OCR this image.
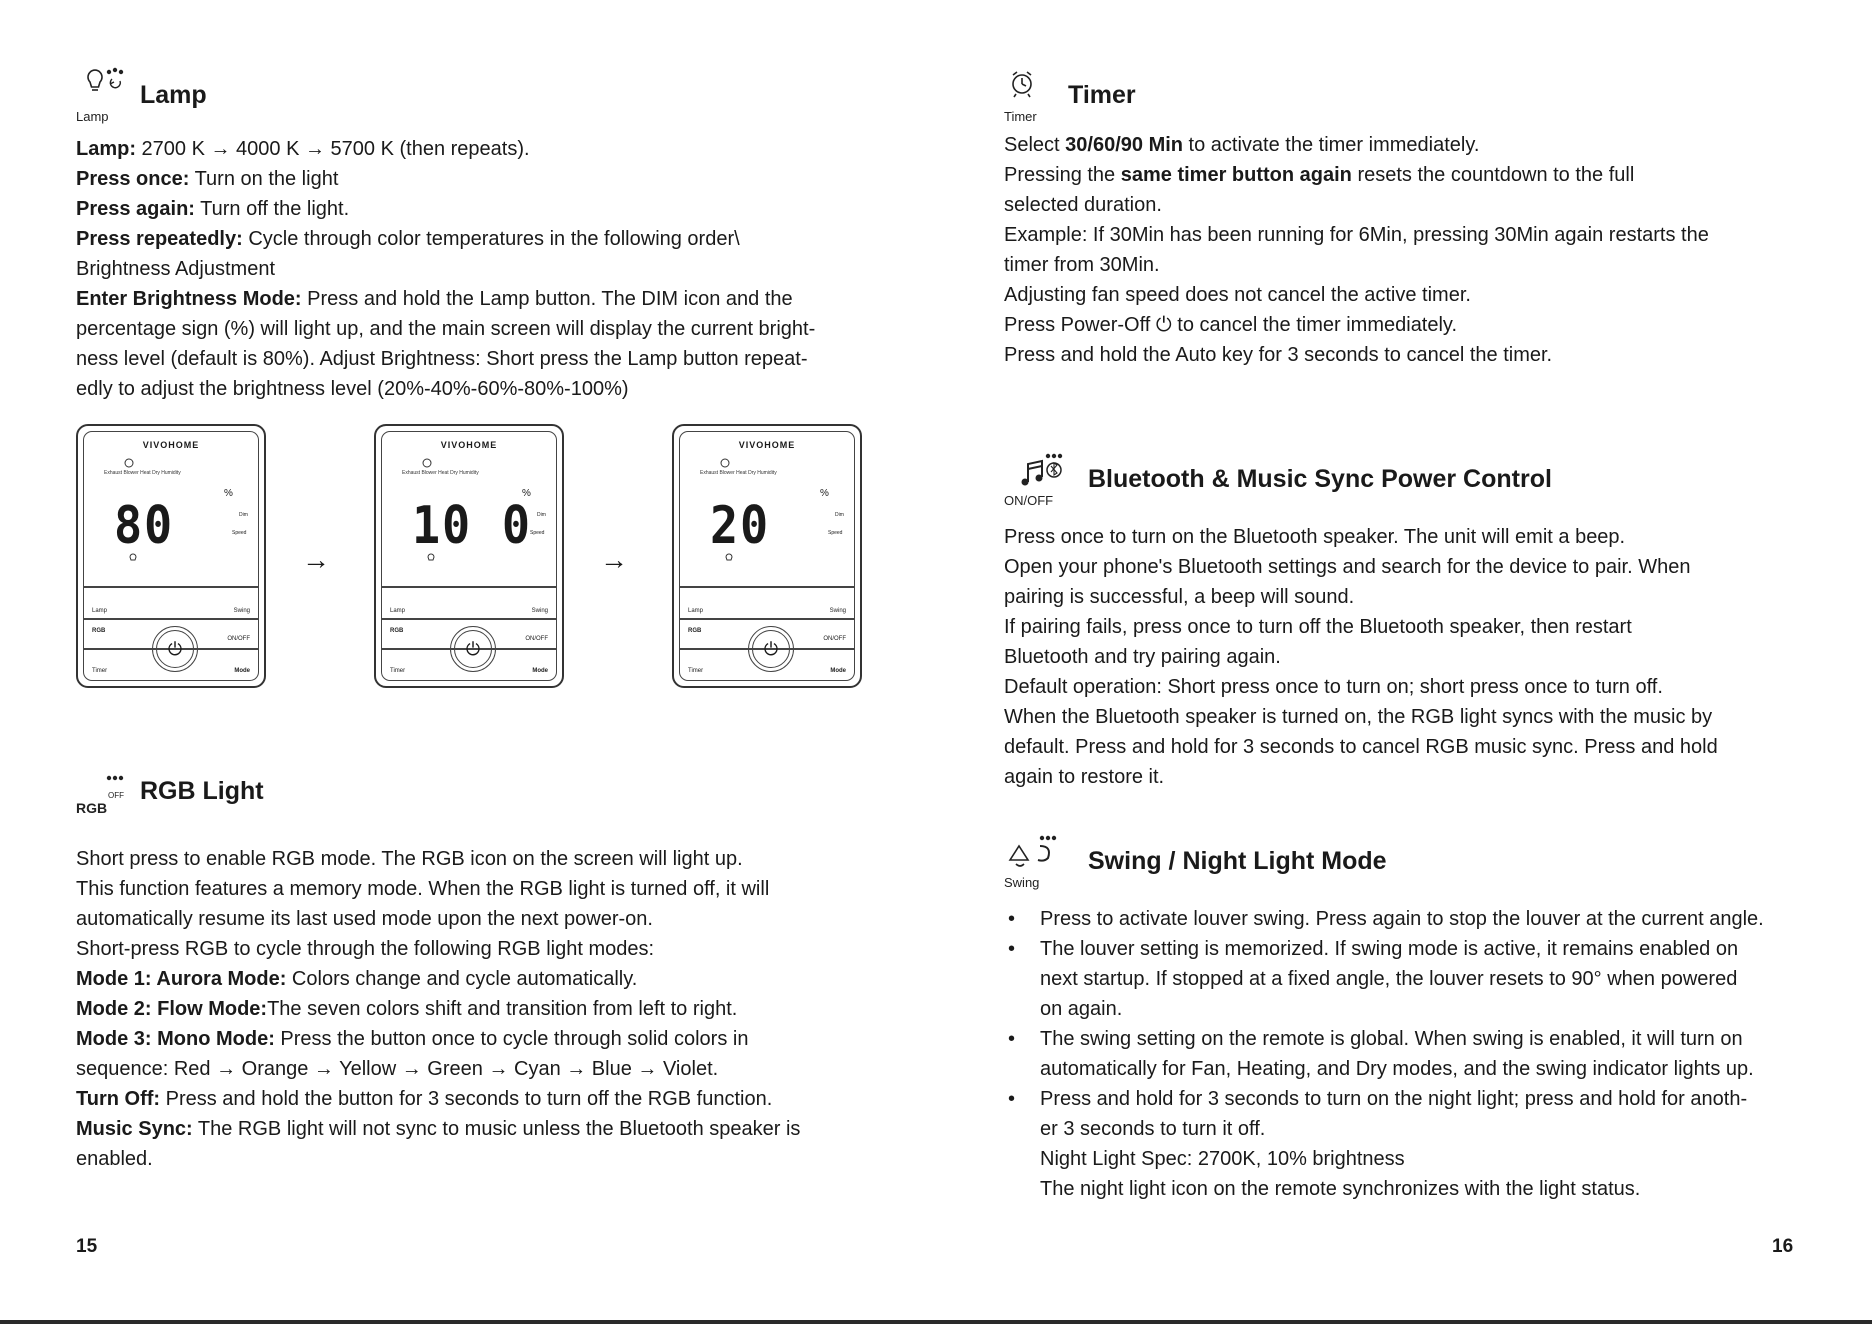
Lamp
Lamp
Lamp: 2700 K → 4000 K → 5700 K (then repeats).
Press once: Turn on the light
Press again: Turn off the light.
Press repeatedly: Cycle through color temperatures in the following order\
Brightness Adjustment
Enter Brightness Mode: Press and hold the Lamp button. The DIM icon and the
percentage sign (%) will light up, and the main screen will display the current bright-
ness level (default is 80%). Adjust Brightness: Short press the Lamp button repeat-
edly to adjust the brightness level (20%-40%-60%-80%-100%)
VIVOHOME
Exhaust Blower Heat Dry Humidity
80
%
Dim
Speed
Lamp	Swing
RGB
ON/OFF
Timer	Mode
⏻
VIVOHOME
Exhaust Blower Heat Dry Humidity
10 0
%
Dim
Speed
Lamp	Swing
RGB
ON/OFF
Timer	Mode
⏻
VIVOHOME
Exhaust Blower Heat Dry Humidity
20
%
Dim
Speed
Lamp	Swing
RGB
ON/OFF
Timer	Mode
⏻
→	→
RGB
OFF RGB Light
Short press to enable RGB mode. The RGB icon on the screen will light up.
This function features a memory mode. When the RGB light is turned off, it will
automatically resume its last used mode upon the next power-on.
Short-press RGB to cycle through the following RGB light modes:
Mode 1: Aurora Mode: Colors change and cycle automatically.
Mode 2: Flow Mode:The seven colors shift and transition from left to right.
Mode 3: Mono Mode: Press the button once to cycle through solid colors in
sequence: Red → Orange → Yellow → Green → Cyan → Blue → Violet.
Turn Off: Press and hold the button for 3 seconds to turn off the RGB function.
Music Sync: The RGB light will not sync to music unless the Bluetooth speaker is
enabled.
15
Timer
Timer
Select 30/60/90 Min to activate the timer immediately.
Pressing the same timer button again resets the countdown to the full
selected duration.
Example: If 30Min has been running for 6Min, pressing 30Min again restarts the
timer from 30Min.
Adjusting fan speed does not cancel the active timer.
Press Power-Off ⏻ to cancel the timer immediately.
Press and hold the Auto key for 3 seconds to cancel the timer.
ON/OFF
Bluetooth & Music Sync Power Control
Press once to turn on the Bluetooth speaker. The unit will emit a beep.
Open your phone's Bluetooth settings and search for the device to pair. When
pairing is successful, a beep will sound.
If pairing fails, press once to turn off the Bluetooth speaker, then restart
Bluetooth and try pairing again.
Default operation: Short press once to turn on; short press once to turn off.
When the Bluetooth speaker is turned on, the RGB light syncs with the music by
default. Press and hold for 3 seconds to cancel RGB music sync. Press and hold
again to restore it.
Swing
Swing / Night Light Mode
• Press to activate louver swing. Press again to stop the louver at the current angle.
• The louver setting is memorized. If swing mode is active, it remains enabled on
next startup. If stopped at a fixed angle, the louver resets to 90° when powered
on again.
• The swing setting on the remote is global. When swing is enabled, it will turn on
automatically for Fan, Heating, and Dry modes, and the swing indicator lights up.
• Press and hold for 3 seconds to turn on the night light; press and hold for anoth-
er 3 seconds to turn it off.
Night Light Spec: 2700K, 10% brightness
The night light icon on the remote synchronizes with the light status.
16
